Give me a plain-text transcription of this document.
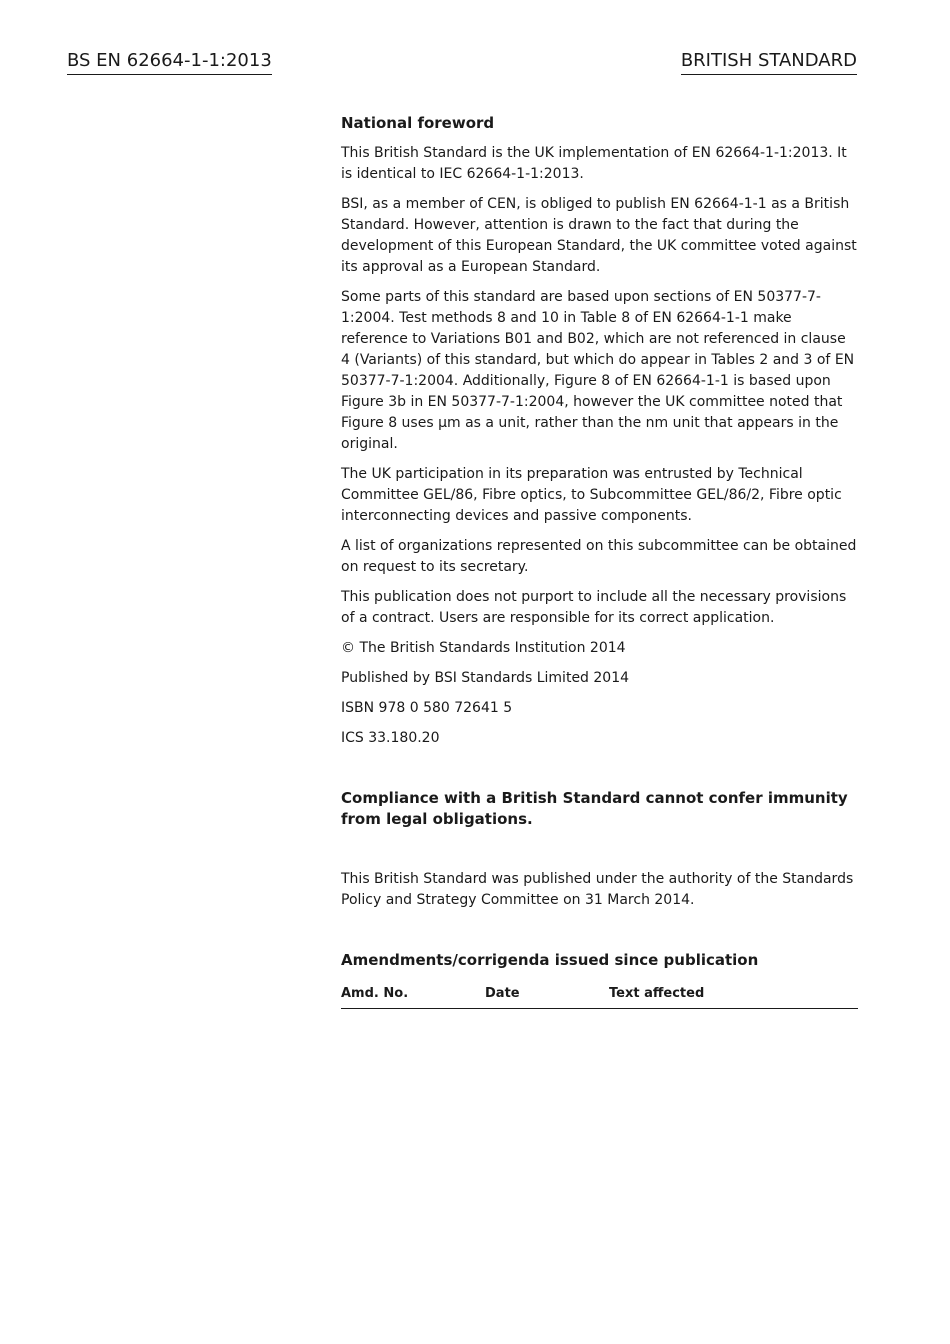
BS EN 62664-1-1:2013	BRITISH STANDARD
National foreword

This British Standard is the UK implementation of EN 62664-1-1:2013. It is identical to IEC 62664-1-1:2013.

BSI, as a member of CEN, is obliged to publish EN 62664-1-1 as a British Standard. However, attention is drawn to the fact that during the development of this European Standard, the UK committee voted against its approval as a European Standard.

Some parts of this standard are based upon sections of EN 50377-7-1:2004. Test methods 8 and 10 in Table 8 of EN 62664-1-1 make reference to Variations B01 and B02, which are not referenced in clause 4 (Variants) of this standard, but which do appear in Tables 2 and 3 of EN 50377-7-1:2004. Additionally, Figure 8 of EN 62664-1-1 is based upon Figure 3b in EN 50377-7-1:2004, however the UK committee noted that Figure 8 uses µm as a unit, rather than the nm unit that appears in the original.

The UK participation in its preparation was entrusted by Technical Committee GEL/86, Fibre optics, to Subcommittee GEL/86/2, Fibre optic interconnecting devices and passive components.

A list of organizations represented on this subcommittee can be obtained on request to its secretary.

This publication does not purport to include all the necessary provisions of a contract. Users are responsible for its correct application.

© The British Standards Institution 2014

Published by BSI Standards Limited 2014

ISBN 978 0 580 72641 5

ICS 33.180.20

Compliance with a British Standard cannot confer immunity from legal obligations.
This British Standard was published under the authority of the Standards Policy and Strategy Committee on 31 March 2014.
Amendments/corrigenda issued since publication
Amd. No.	Date	Text affected
